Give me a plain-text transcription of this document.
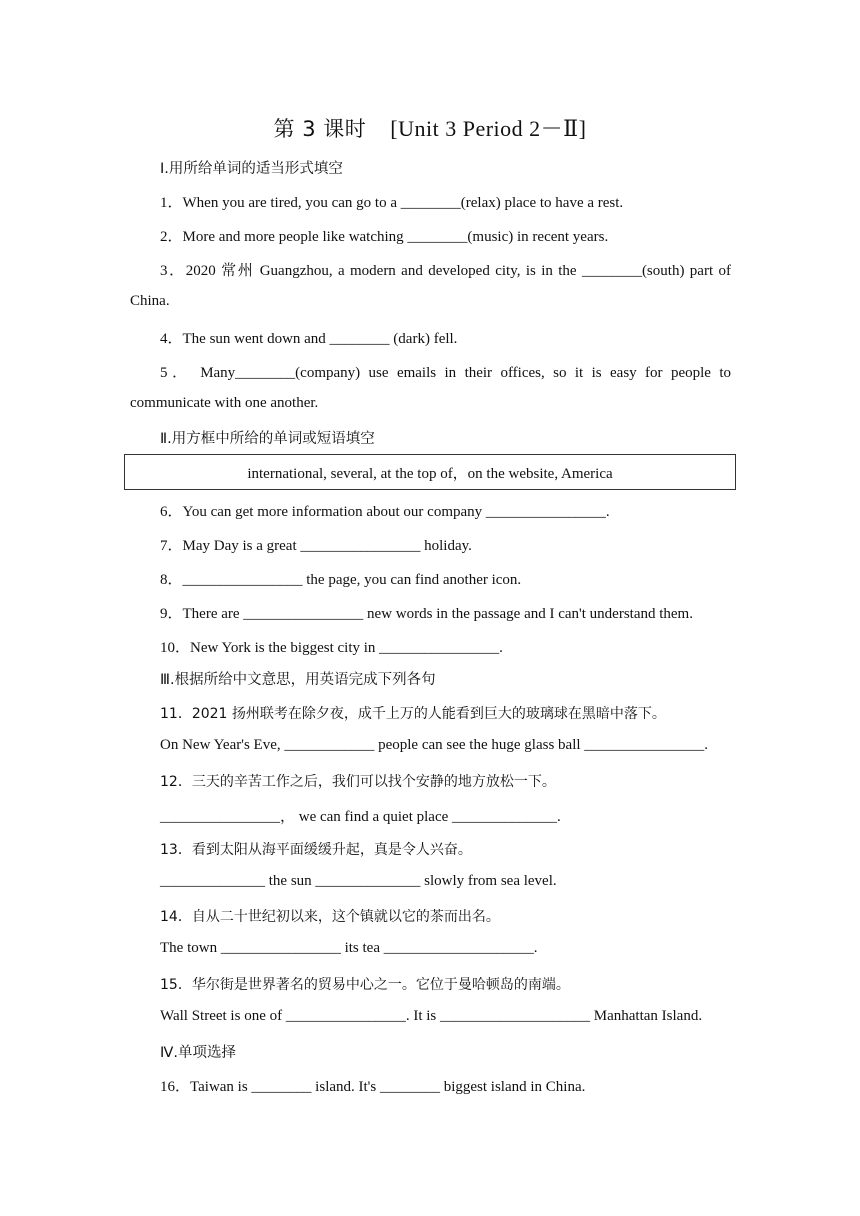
第 3 课时 [Unit 3 Period 2－Ⅱ]
Ⅰ.用所给单词的适当形式填空
1．When you are tired, you can go to a ________(relax) place to have a rest.
2．More and more people like watching ________(music) in recent years.
3．2020 常州 Guangzhou, a modern and developed city, is in the ________(south) part of
China.
4．The sun went down and ________ (dark) fell.
5． Many________(company) use emails in their offices, so it is easy for people to
communicate with one another.
Ⅱ.用方框中所给的单词或短语填空
international, several, at the top of，on the website, America
6．You can get more information about our company ________________.
7．May Day is a great ________________ holiday.
8．________________ the page, you can find another icon.
9．There are ________________ new words in the passage and I can't understand them.
10．New York is the biggest city in ________________.
Ⅲ.根据所给中文意思，用英语完成下列各句
11．2021 扬州联考在除夕夜，成千上万的人能看到巨大的玻璃球在黑暗中落下。
On New Year's Eve, ____________ people can see the huge glass ball ________________.
12．三天的辛苦工作之后，我们可以找个安静的地方放松一下。
________________， we can find a quiet place ______________.
13．看到太阳从海平面缓缓升起，真是令人兴奋。
______________ the sun ______________ slowly from sea level.
14．自从二十世纪初以来，这个镇就以它的茶而出名。
The town ________________ its tea ____________________.
15．华尔街是世界著名的贸易中心之一。它位于曼哈顿岛的南端。
Wall Street is one of ________________. It is ____________________ Manhattan Island.
Ⅳ.单项选择
16．Taiwan is ________ island. It's ________ biggest island in China.
